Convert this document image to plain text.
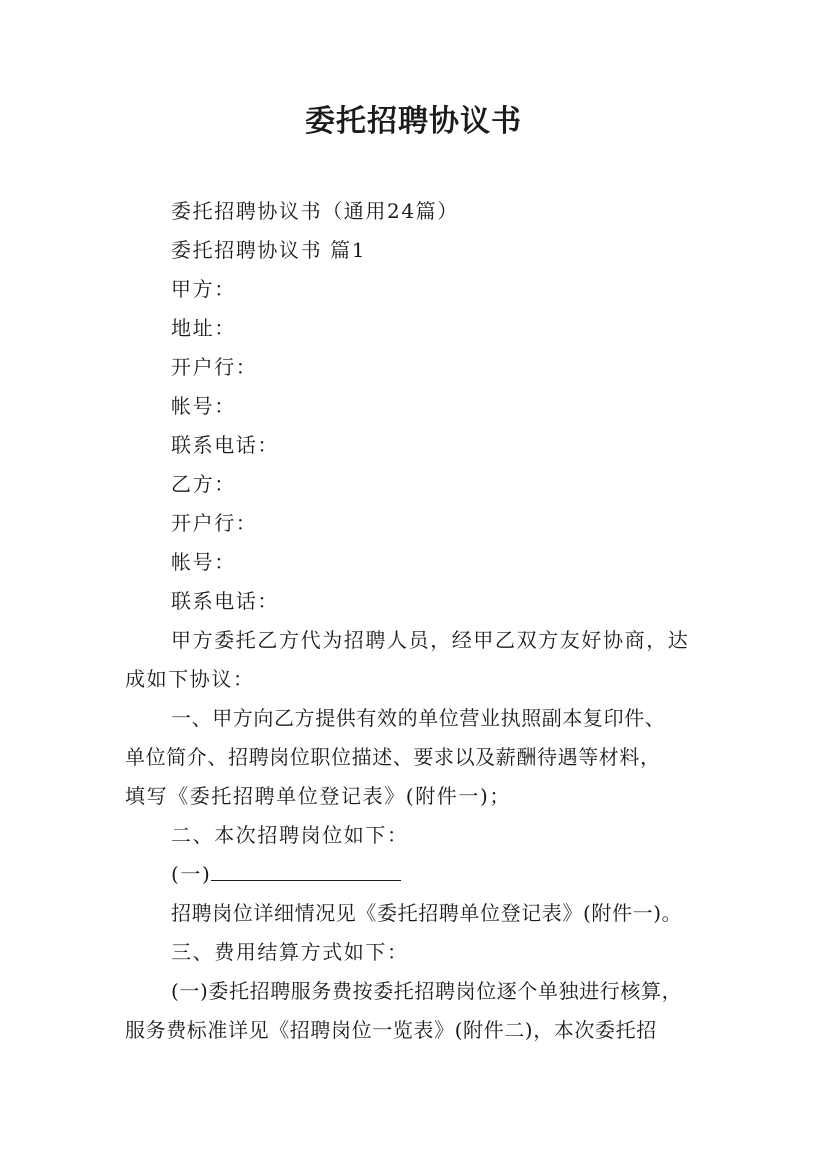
委托招聘协议书

委托招聘协议书（通用24篇）

委托招聘协议书 篇1

甲方：

地址：

开户行：

帐号：

联系电话：

乙方：

开户行：

帐号：

联系电话：

甲方委托乙方代为招聘人员，经甲乙双方友好协商，达

成如下协议：

一、甲方向乙方提供有效的单位营业执照副本复印件、

单位简介、招聘岗位职位描述、要求以及薪酬待遇等材料，

填写《委托招聘单位登记表》(附件一)；

二、本次招聘岗位如下：

(一)

招聘岗位详细情况见《委托招聘单位登记表》(附件一)。

三、费用结算方式如下：

(一)委托招聘服务费按委托招聘岗位逐个单独进行核算，

服务费标准详见《招聘岗位一览表》(附件二)，本次委托招
